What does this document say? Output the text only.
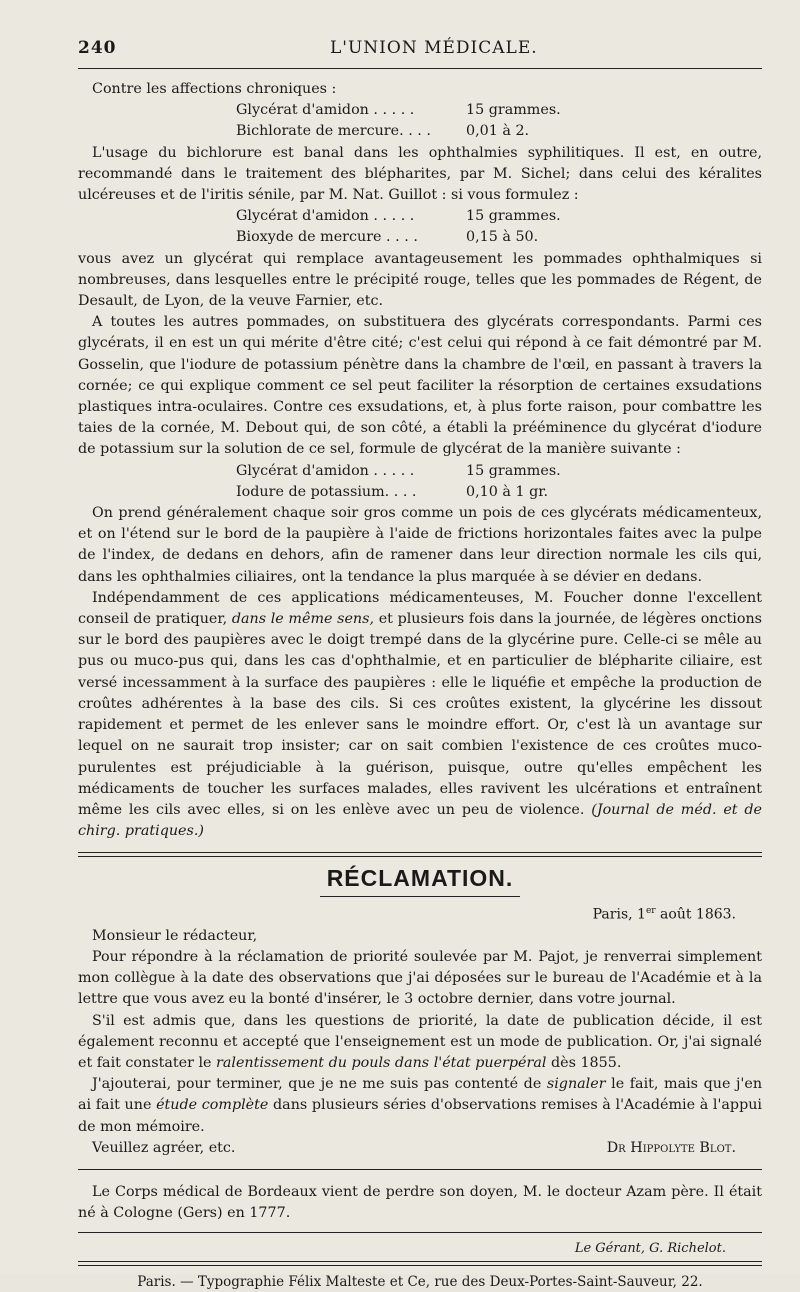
240	L'UNION MÉDICALE.

Contre les affections chroniques :

Glycérat d'amidon . . . . .	15 grammes.
Bichlorate de mercure. . . .	0,01 à 2.

L'usage du bichlorure est banal dans les ophthalmies syphilitiques. Il est, en outre, recommandé dans le traitement des blépharites, par M. Sichel; dans celui des kéralites ulcéreuses et de l'iritis sénile, par M. Nat. Guillot : si vous formulez :

Glycérat d'amidon . . . . .	15 grammes.
Bioxyde de mercure . . . .	0,15 à 50.

vous avez un glycérat qui remplace avantageusement les pommades ophthalmiques si nombreuses, dans lesquelles entre le précipité rouge, telles que les pommades de Régent, de Desault, de Lyon, de la veuve Farnier, etc.

A toutes les autres pommades, on substituera des glycérats correspondants. Parmi ces glycérats, il en est un qui mérite d'être cité; c'est celui qui répond à ce fait démontré par M. Gosselin, que l'iodure de potassium pénètre dans la chambre de l'œil, en passant à travers la cornée; ce qui explique comment ce sel peut faciliter la résorption de certaines exsudations plastiques intra-oculaires. Contre ces exsudations, et, à plus forte raison, pour combattre les taies de la cornée, M. Debout qui, de son côté, a établi la prééminence du glycérat d'iodure de potassium sur la solution de ce sel, formule de glycérat de la manière suivante :

Glycérat d'amidon . . . . .	15 grammes.
Iodure de potassium. . . .	0,10 à 1 gr.

On prend généralement chaque soir gros comme un pois de ces glycérats médicamenteux, et on l'étend sur le bord de la paupière à l'aide de frictions horizontales faites avec la pulpe de l'index, de dedans en dehors, afin de ramener dans leur direction normale les cils qui, dans les ophthalmies ciliaires, ont la tendance la plus marquée à se dévier en dedans.

Indépendamment de ces applications médicamenteuses, M. Foucher donne l'excellent conseil de pratiquer, dans le même sens, et plusieurs fois dans la journée, de légères onctions sur le bord des paupières avec le doigt trempé dans de la glycérine pure. Celle-ci se mêle au pus ou muco-pus qui, dans les cas d'ophthalmie, et en particulier de blépharite ciliaire, est versé incessamment à la surface des paupières : elle le liquéfie et empêche la production de croûtes adhérentes à la base des cils. Si ces croûtes existent, la glycérine les dissout rapidement et permet de les enlever sans le moindre effort. Or, c'est là un avantage sur lequel on ne saurait trop insister; car on sait combien l'existence de ces croûtes muco-purulentes est préjudiciable à la guérison, puisque, outre qu'elles empêchent les médicaments de toucher les surfaces malades, elles ravivent les ulcérations et entraînent même les cils avec elles, si on les enlève avec un peu de violence. (Journal de méd. et de chirg. pratiques.)

RÉCLAMATION.
Paris, 1er août 1863.
Monsieur le rédacteur,

Pour répondre à la réclamation de priorité soulevée par M. Pajot, je renverrai simplement mon collègue à la date des observations que j'ai déposées sur le bureau de l'Académie et à la lettre que vous avez eu la bonté d'insérer, le 3 octobre dernier, dans votre journal.

S'il est admis que, dans les questions de priorité, la date de publication décide, il est également reconnu et accepté que l'enseignement est un mode de publication. Or, j'ai signalé et fait constater le ralentissement du pouls dans l'état puerpéral dès 1855.

J'ajouterai, pour terminer, que je ne me suis pas contenté de signaler le fait, mais que j'en ai fait une étude complète dans plusieurs séries d'observations remises à l'Académie à l'appui de mon mémoire.

Veuillez agréer, etc.	Dr Hippolyte Blot.

Le Corps médical de Bordeaux vient de perdre son doyen, M. le docteur Azam père. Il était né à Cologne (Gers) en 1777.

Le Gérant, G. Richelot.
Paris. — Typographie Félix Malteste et Ce, rue des Deux-Portes-Saint-Sauveur, 22.
